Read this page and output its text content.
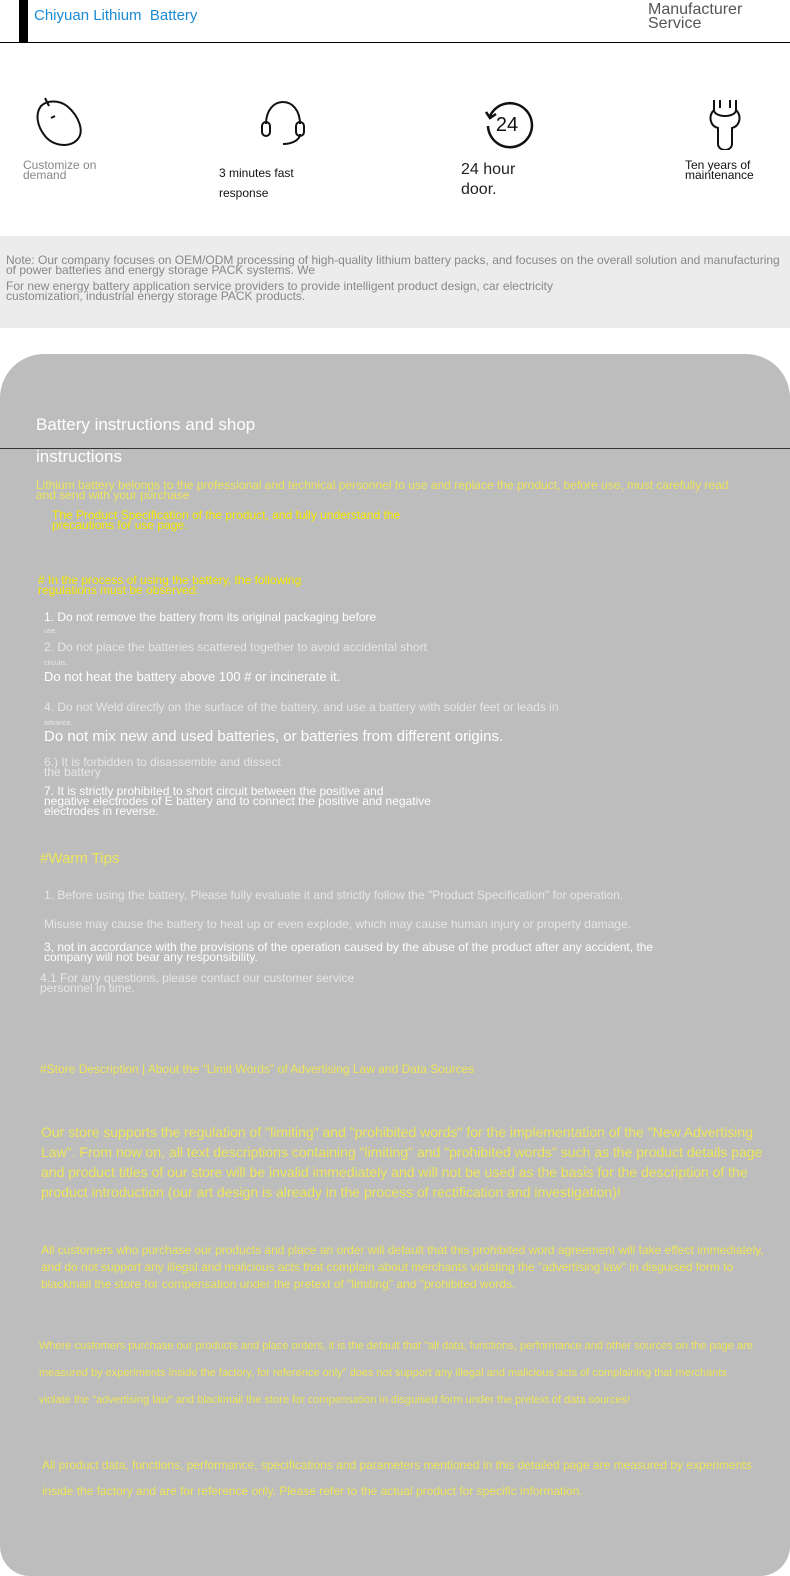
Chiyuan Lithium  Battery	Manufacturer
Service
Customize on
demand	3 minutes fast
response
24
24 hour
door.
Ten years of
maintenance
Note: Our company focuses on OEM/ODM processing of high-quality lithium battery packs, and focuses on the overall solution and manufacturing
of power batteries and energy storage PACK systems. We
For new energy battery application service providers to provide intelligent product design, car electricity
customization, industrial energy storage PACK products.
Battery instructions and shop
instructions
Lithium battery belongs to the professional and technical personnel to use and replace the product, before use, must carefully read
and send with your purchase
The Product Specification of the product, and fully understand the
precautions for use page.
# In the process of using the battery, the following
regulations must be observed:
1. Do not remove the battery from its original packaging before
use.
2. Do not place the batteries scattered together to avoid accidental short
circuits.
Do not heat the battery above 100 # or incinerate it.
4. Do not Weld directly on the surface of the battery, and use a battery with solder feet or leads in
advance.
Do not mix new and used batteries, or batteries from different origins.
6.) It is forbidden to disassemble and dissect
the battery
7. It is strictly prohibited to short circuit between the positive and
negative electrodes of E battery and to connect the positive and negative
electrodes in reverse.
#Warm Tips
1. Before using the battery, Please fully evaluate it and strictly follow the "Product Specification" for operation.
Misuse may cause the battery to heat up or even explode, which may cause human injury or property damage.
3, not in accordance with the provisions of the operation caused by the abuse of the product after any accident, the
company will not bear any responsibility.
4.1 For any questions, please contact our customer service
personnel in time.
#Store Description | About the "Limit Words" of Advertising Law and Data Sources
Our store supports the regulation of "limiting" and "prohibited words" for the implementation of the "New Advertising Law". From now on, all text descriptions containing "limiting" and "prohibited words" such as the product details page and product titles of our store will be invalid immediately and will not be used as the basis for the description of the product introduction (our art design is already in the process of rectification and investigation)!
All customers who purchase our products and place an order will default that this prohibited word agreement will take effect immediately, and do not support any illegal and malicious acts that complain about merchants violating the "advertising law" in disguised form to blackmail the store for compensation under the pretext of "limiting" and "prohibited words.
Where customers purchase our products and place orders, it is the default that "all data, functions, performance and other sources on the page are measured by experiments inside the factory, for reference only" does not support any illegal and malicious acts of complaining that merchants violate the "advertising law" and blackmail the store for compensation in disguised form under the pretext of data sources!
All product data, functions, performance, specifications and parameters mentioned in this detailed page are measured by experiments inside the factory and are for reference only. Please refer to the actual product for specific information.
